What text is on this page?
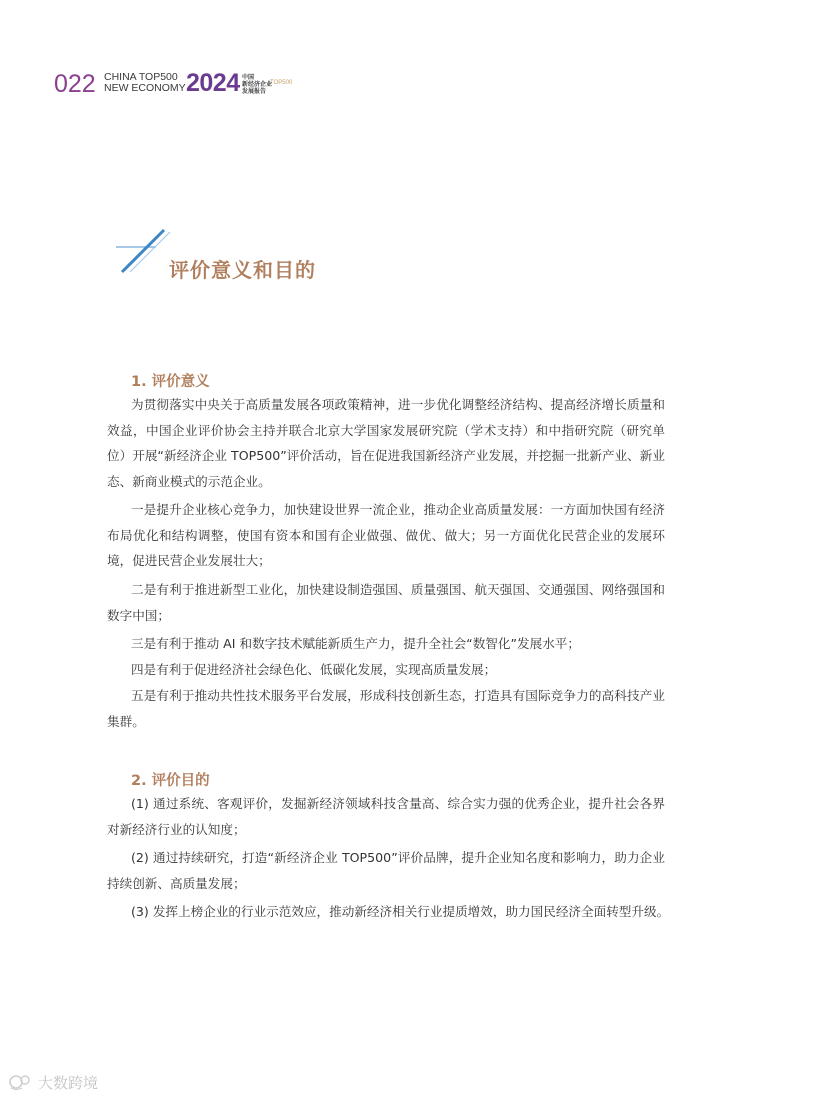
022 CHINA TOP500
NEW ECONOMY 2024 中国
新经济企业
发展报告
TOP500
评价意义和目的
1. 评价意义

为贯彻落实中央关于高质量发展各项政策精神，进一步优化调整经济结构、提高经济增长质量和效益，中国企业评价协会主持并联合北京大学国家发展研究院（学术支持）和中指研究院（研究单位）开展“新经济企业 TOP500”评价活动，旨在促进我国新经济产业发展，并挖掘一批新产业、新业态、新商业模式的示范企业。

一是提升企业核心竞争力，加快建设世界一流企业，推动企业高质量发展：一方面加快国有经济布局优化和结构调整，使国有资本和国有企业做强、做优、做大；另一方面优化民营企业的发展环境，促进民营企业发展壮大；

二是有利于推进新型工业化，加快建设制造强国、质量强国、航天强国、交通强国、网络强国和数字中国；

三是有利于推动 AI 和数字技术赋能新质生产力，提升全社会“数智化”发展水平；

四是有利于促进经济社会绿色化、低碳化发展，实现高质量发展；

五是有利于推动共性技术服务平台发展，形成科技创新生态，打造具有国际竞争力的高科技产业集群。

2. 评价目的

(1) 通过系统、客观评价，发掘新经济领域科技含量高、综合实力强的优秀企业，提升社会各界对新经济行业的认知度；

(2) 通过持续研究，打造“新经济企业 TOP500”评价品牌，提升企业知名度和影响力，助力企业持续创新、高质量发展；

(3) 发挥上榜企业的行业示范效应，推动新经济相关行业提质增效，助力国民经济全面转型升级。

大数跨境
